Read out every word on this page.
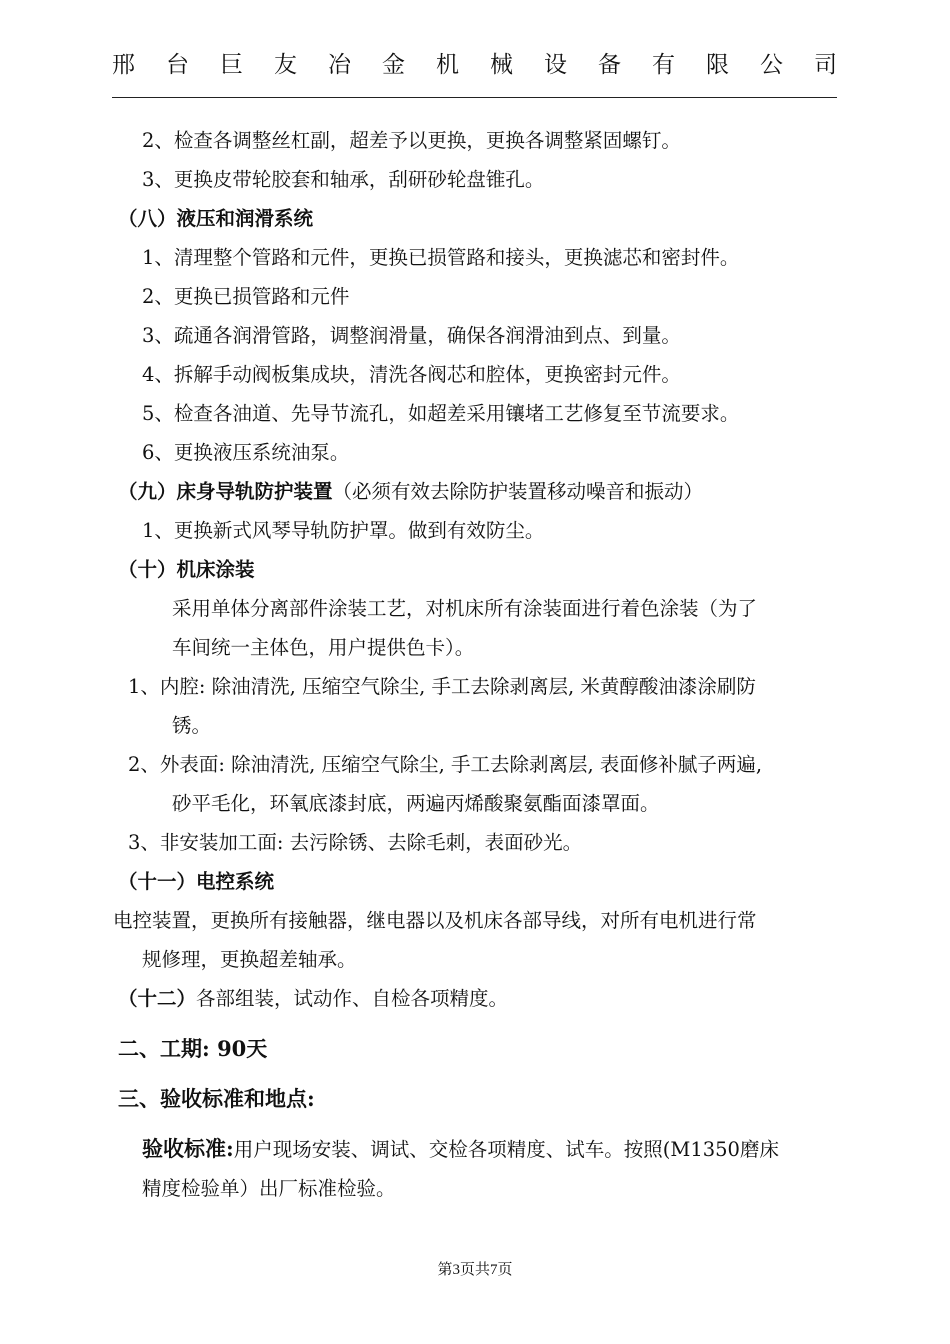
邢 台 巨 友 冶 金 机 械 设 备 有 限 公 司
2、检查各调整丝杠副，超差予以更换，更换各调整紧固螺钉。
3、更换皮带轮胶套和轴承，刮研砂轮盘锥孔。
（八）液压和润滑系统
1、清理整个管路和元件，更换已损管路和接头，更换滤芯和密封件。
2、更换已损管路和元件
3、疏通各润滑管路，调整润滑量，确保各润滑油到点、到量。
4、拆解手动阀板集成块，清洗各阀芯和腔体，更换密封元件。
5、检查各油道、先导节流孔，如超差采用镶堵工艺修复至节流要求。
6、更换液压系统油泵。
（九）床身导轨防护装置（必须有效去除防护装置移动噪音和振动）
1、更换新式风琴导轨防护罩。做到有效防尘。
（十）机床涂装
采用单体分离部件涂装工艺，对机床所有涂装面进行着色涂装（为了
车间统一主体色，用户提供色卡）。
1、内腔: 除油清洗, 压缩空气除尘, 手工去除剥离层, 米黄醇酸油漆涂刷防
锈。
2、外表面: 除油清洗, 压缩空气除尘, 手工去除剥离层, 表面修补腻子两遍,
砂平毛化，环氧底漆封底，两遍丙烯酸聚氨酯面漆罩面。
3、非安装加工面: 去污除锈、去除毛刺，表面砂光。
（十一）电控系统
电控装置，更换所有接触器，继电器以及机床各部导线，对所有电机进行常
规修理，更换超差轴承。
（十二）各部组装，试动作、自检各项精度。
二、工期: 90天
三、验收标准和地点:
验收标准:用户现场安装、调试、交检各项精度、试车。按照(M1350磨床
精度检验单）出厂标准检验。
第3页共7页
